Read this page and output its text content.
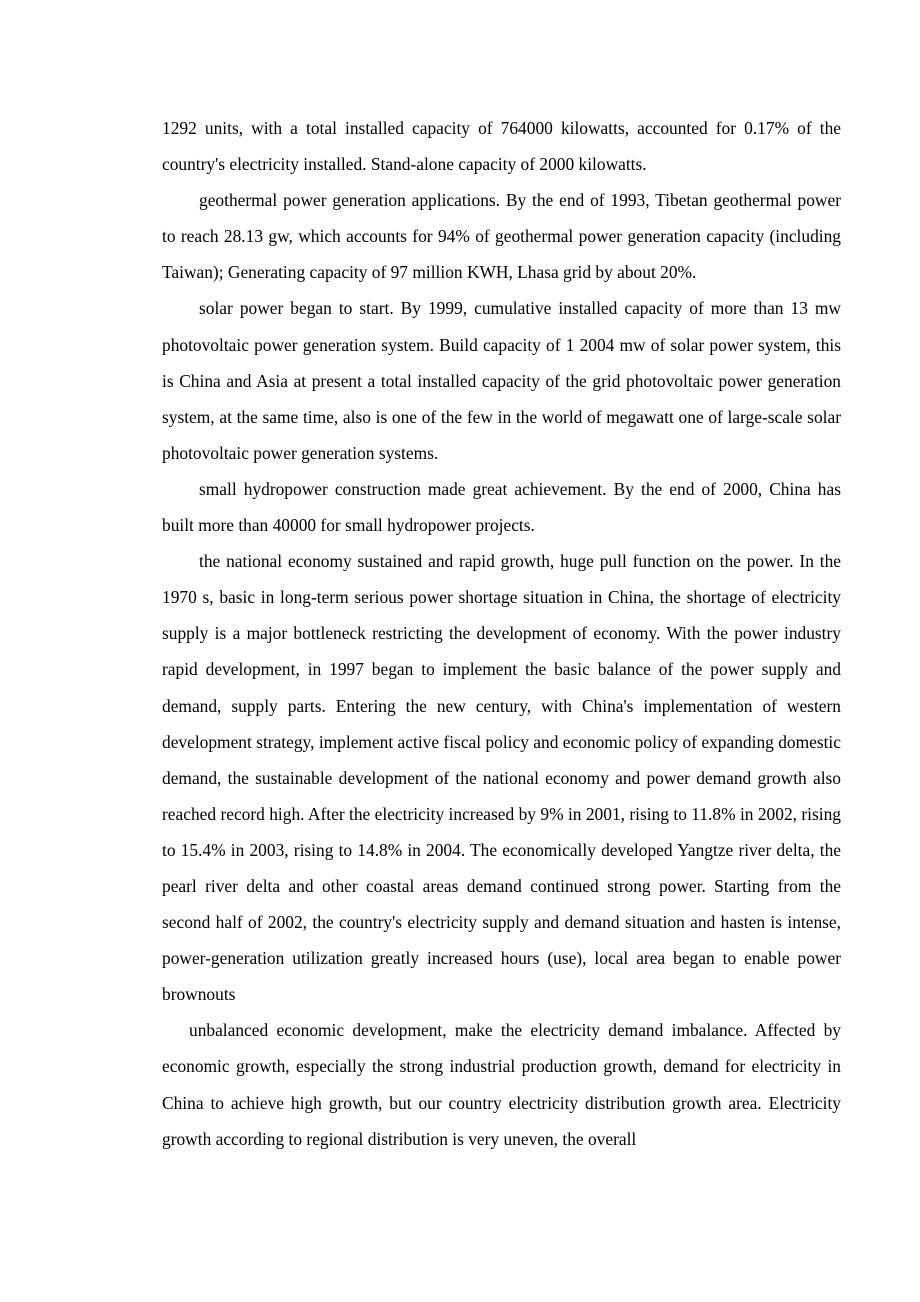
1292 units, with a total installed capacity of 764000 kilowatts, accounted for 0.17% of the country's electricity installed. Stand-alone capacity of 2000 kilowatts.

geothermal power generation applications. By the end of 1993, Tibetan geothermal power to reach 28.13 gw, which accounts for 94% of geothermal power generation capacity (including Taiwan); Generating capacity of 97 million KWH, Lhasa grid by about 20%.

solar power began to start. By 1999, cumulative installed capacity of more than 13 mw photovoltaic power generation system. Build capacity of 1 2004 mw of solar power system, this is China and Asia at present a total installed capacity of the grid photovoltaic power generation system, at the same time, also is one of the few in the world of megawatt one of large-scale solar photovoltaic power generation systems.

small hydropower construction made great achievement. By the end of 2000, China has built more than 40000 for small hydropower projects.

the national economy sustained and rapid growth, huge pull function on the power. In the 1970 s, basic in long-term serious power shortage situation in China, the shortage of electricity supply is a major bottleneck restricting the development of economy. With the power industry rapid development, in 1997 began to implement the basic balance of the power supply and demand, supply parts. Entering the new century, with China's implementation of western development strategy, implement active fiscal policy and economic policy of expanding domestic demand, the sustainable development of the national economy and power demand growth also reached record high. After the electricity increased by 9% in 2001, rising to 11.8% in 2002, rising to 15.4% in 2003, rising to 14.8% in 2004. The economically developed Yangtze river delta, the pearl river delta and other coastal areas demand continued strong power. Starting from the second half of 2002, the country's electricity supply and demand situation and hasten is intense, power-generation utilization greatly increased hours (use), local area began to enable power brownouts

unbalanced economic development, make the electricity demand imbalance. Affected by economic growth, especially the strong industrial production growth, demand for electricity in China to achieve high growth, but our country electricity distribution growth area. Electricity growth according to regional distribution is very uneven, the overall
